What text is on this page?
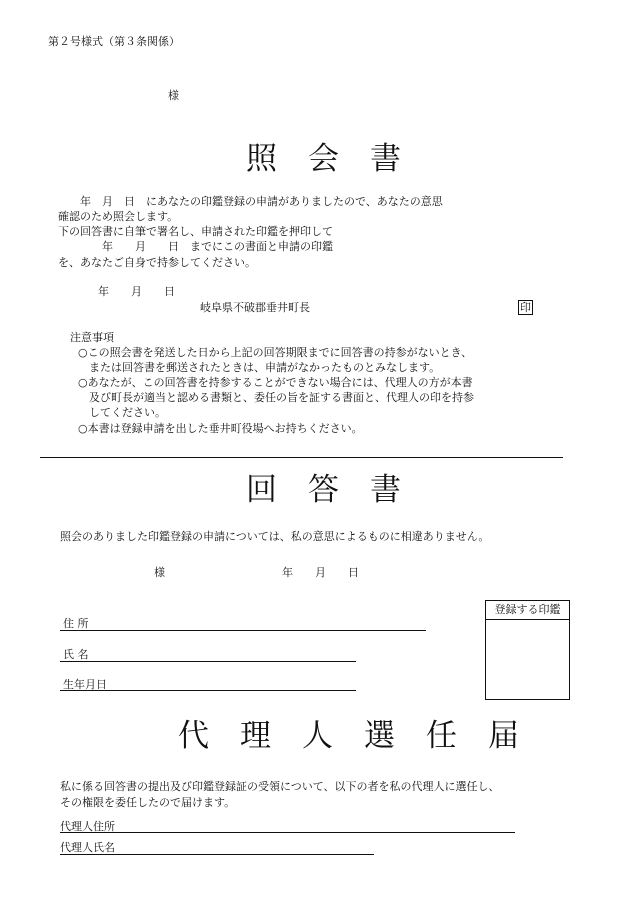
第２号様式（第３条関係）
様
照　会　書
　　年　月　日　にあなたの印鑑登録の申請がありましたので、あなたの意思
確認のため照会します。
下の回答書に自筆で署名し、申請された印鑑を押印して
　　年　　月　　日　までにこの書面と申請の印鑑
を、あなたご自身で持参してください。
年　　月　　日
岐阜県不破郡垂井町長	印
注意事項
○この照会書を発送した日から上記の回答期限までに回答書の持参がないとき、
　または回答書を郵送されたときは、申請がなかったものとみなします。
○あなたが、この回答書を持参することができない場合には、代理人の方が本書
　及び町長が適当と認める書類と、委任の旨を証する書面と、代理人の印を持参
　してください。
○本書は登録申請を出した垂井町役場へお持ちください。
回　答　書
照会のありました印鑑登録の申請については、私の意思によるものに相違ありません。
様	年　　月　　日
住 所
氏 名
生年月日
登録する印鑑
代　理　人　選　任　届
私に係る回答書の提出及び印鑑登録証の受領について、以下の者を私の代理人に選任し、
その権限を委任したので届けます。
代理人住所
代理人氏名
